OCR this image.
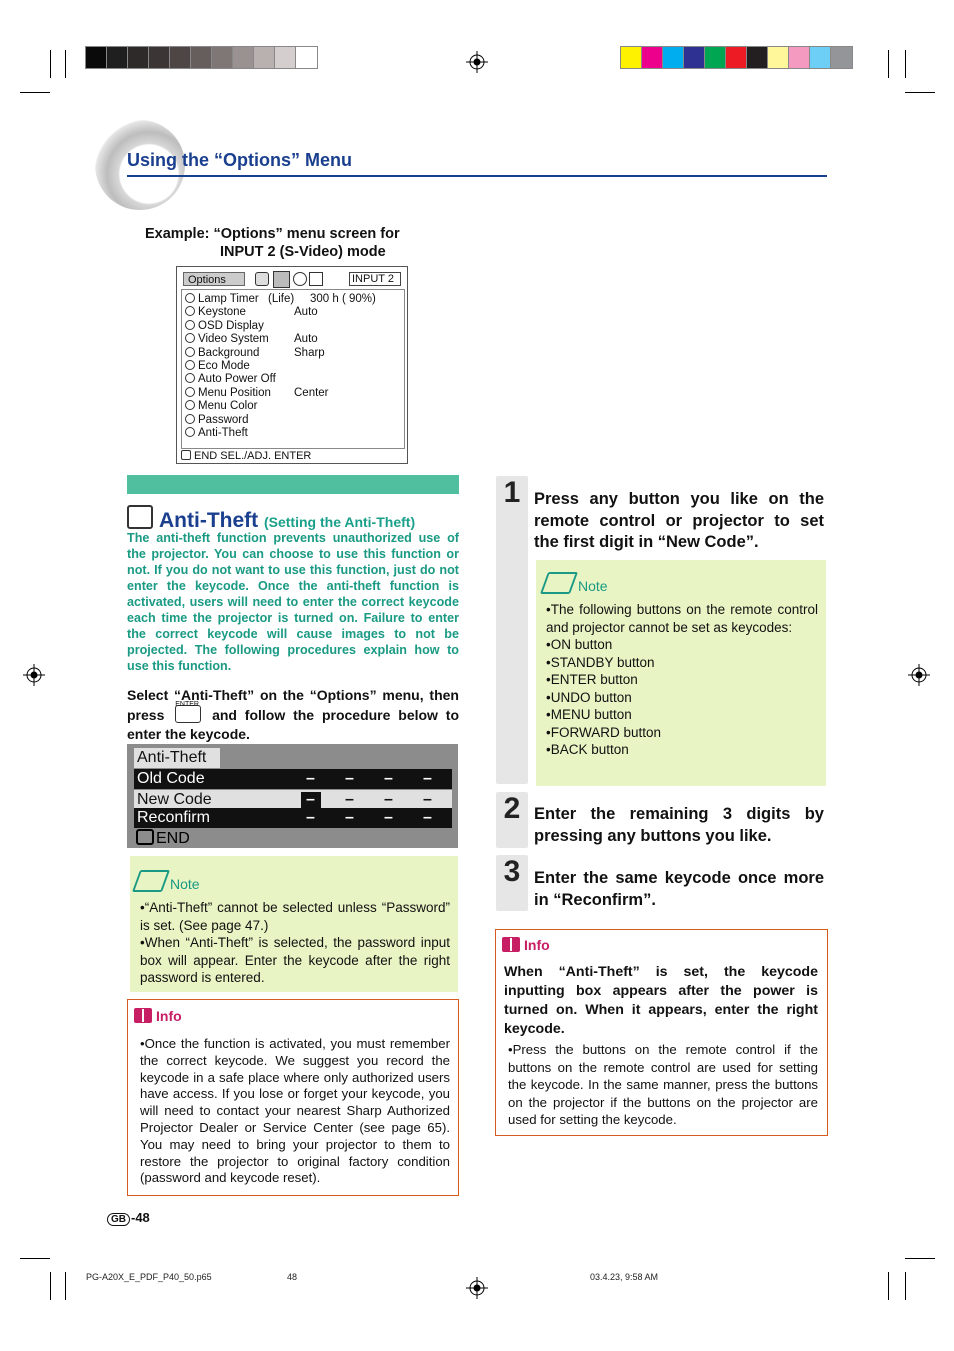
Using the “Options” Menu
Example: “Options” menu screen for
INPUT 2 (S-Video) mode
Options	INPUT 2
Lamp Timer (Life) 300 h ( 90%)
Keystone	Auto
OSD Display
Video System Auto
Background	Sharp
Eco Mode
Auto Power Off
Menu Position Center
Menu Color
Password
Anti-Theft
END SEL./ADJ. ENTER
Anti-Theft (Setting the Anti-Theft)
The anti-theft function prevents unauthorized use of the projector. You can choose to use this function or not. If you do not want to use this function, just do not enter the keycode. Once the anti-theft function is activated, users will need to enter the correct keycode each time the projector is turned on. Failure to enter the correct keycode will cause images to not be projected. The following procedures explain how to use this function.
Select “Anti-Theft” on the “Options” menu, then press
ENTER
and follow the procedure below to enter the keycode.
Anti-Theft
Old Code	– – – –
New Code	– – – –
Reconfirm	– – – –
END
Note
•“Anti-Theft” cannot be selected unless “Password” is set. (See page 47.)
•When “Anti-Theft” is selected, the password input box will appear. Enter the keycode after the right password is entered.
Info
•Once the function is activated, you must remember the correct keycode. We suggest you record the keycode in a safe place where only authorized users have access. If you lose or forget your keycode, you will need to contact your nearest Sharp Authorized Projector Dealer or Service Center (see page 65). You may need to bring your projector to them to restore the projector to original factory condition (password and keycode reset).
1 Press any button you like on the remote control or projector to set the first digit in “New Code”.
Note
•The following buttons on the remote control and projector cannot be set as keycodes:
•ON button
•STANDBY button
•ENTER button
•UNDO button
•MENU button
•FORWARD button
•BACK button
2 Enter the remaining 3 digits by pressing any buttons you like.
3 Enter the same keycode once more in “Reconfirm”.
Info
When “Anti-Theft” is set, the keycode inputting box appears after the power is turned on. When it appears, enter the right keycode.
•Press the buttons on the remote control if the buttons on the remote control are used for setting the keycode. In the same manner, press the buttons on the projector if the buttons on the projector are used for setting the keycode.
GB -48
PG-A20X_E_PDF_P40_50.p65	48	03.4.23, 9:58 AM
